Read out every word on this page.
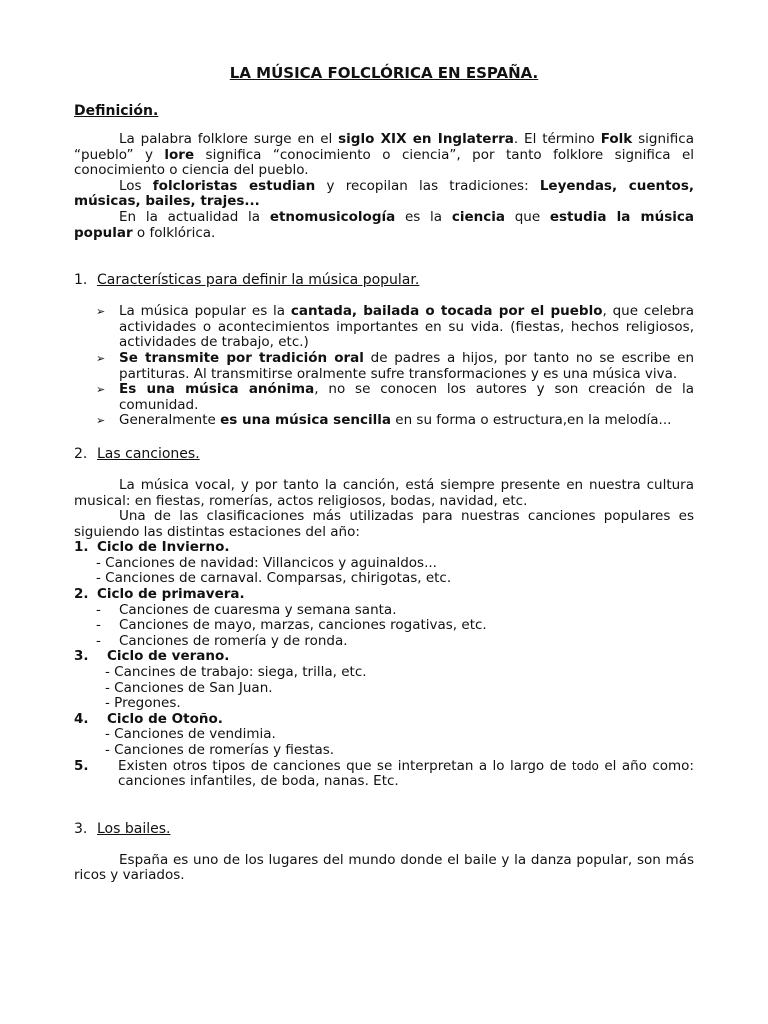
LA MÚSICA FOLCLÓRICA EN ESPAÑA.
Definición.

La palabra folklore surge en el siglo XIX en Inglaterra. El término Folk significa “pueblo” y lore significa “conocimiento o ciencia”, por tanto folklore significa el conocimiento o ciencia del pueblo.

Los folcloristas estudian y recopilan las tradiciones: Leyendas, cuentos, músicas, bailes, trajes...

En la actualidad la etnomusicología es la ciencia que estudia la música popular o folklórica.

1. Características para definir la música popular.
➢ La música popular es la cantada, bailada o tocada por el pueblo, que celebra actividades o acontecimientos importantes en su vida. (fiestas, hechos religiosos, actividades de trabajo, etc.)
➢ Se transmite por tradición oral de padres a hijos, por tanto no se escribe en partituras. Al transmitirse oralmente sufre transformaciones y es una música viva.
➢ Es una música anónima, no se conocen los autores y son creación de la comunidad.
➢ Generalmente es una música sencilla en su forma o estructura,en la melodía...
2. Las canciones.

La música vocal, y por tanto la canción, está siempre presente en nuestra cultura musical: en fiestas, romerías, actos religiosos, bodas, navidad, etc.

Una de las clasificaciones más utilizadas para nuestras canciones populares es siguiendo las distintas estaciones del año:

1. Ciclo de Invierno.
- Canciones de navidad: Villancicos y aguinaldos...
- Canciones de carnaval. Comparsas, chirigotas, etc.
2. Ciclo de primavera.
-	Canciones de cuaresma y semana santa.
-	Canciones de mayo, marzas, canciones rogativas, etc.
-	Canciones de romería y de ronda.
3.	Ciclo de verano.
- Cancines de trabajo: siega, trilla, etc.
- Canciones de San Juan.
- Pregones.
4.	Ciclo de Otoño.
- Canciones de vendimia.
- Canciones de romerías y fiestas.
5.	Existen otros tipos de canciones que se interpretan a lo largo de todo el año como: canciones infantiles, de boda, nanas. Etc.
3. Los bailes.

España es uno de los lugares del mundo donde el baile y la danza popular, son más ricos y variados.
